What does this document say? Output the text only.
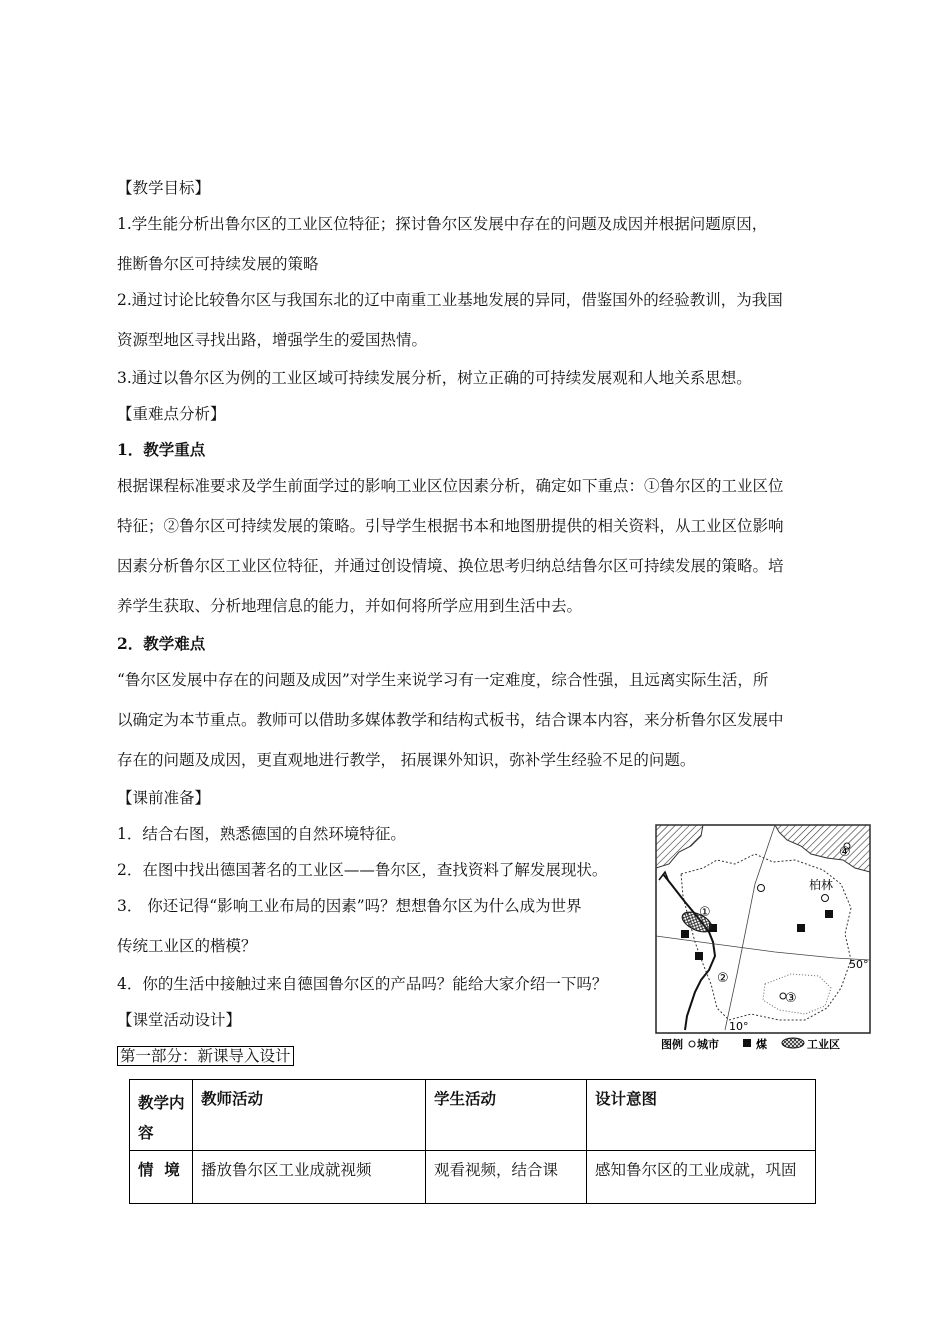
【教学目标】
1.学生能分析出鲁尔区的工业区位特征；探讨鲁尔区发展中存在的问题及成因并根据问题原因，
推断鲁尔区可持续发展的策略
2.通过讨论比较鲁尔区与我国东北的辽中南重工业基地发展的异同，借鉴国外的经验教训，为我国
资源型地区寻找出路，增强学生的爱国热情。
3.通过以鲁尔区为例的工业区域可持续发展分析，树立正确的可持续发展观和人地关系思想。
【重难点分析】
1．教学重点
根据课程标准要求及学生前面学过的影响工业区位因素分析，确定如下重点：①鲁尔区的工业区位
特征；②鲁尔区可持续发展的策略。引导学生根据书本和地图册提供的相关资料，从工业区位影响
因素分析鲁尔区工业区位特征，并通过创设情境、换位思考归纳总结鲁尔区可持续发展的策略。培
养学生获取、分析地理信息的能力，并如何将所学应用到生活中去。
2．教学难点
“鲁尔区发展中存在的问题及成因”对学生来说学习有一定难度，综合性强，且远离实际生活，所
以确定为本节重点。教师可以借助多媒体教学和结构式板书，结合课本内容，来分析鲁尔区发展中
存在的问题及成因，更直观地进行教学， 拓展课外知识，弥补学生经验不足的问题。
【课前准备】
1．结合右图，熟悉德国的自然环境特征。
2．在图中找出德国著名的工业区——鲁尔区，查找资料了解发展现状。
3． 你还记得“影响工业布局的因素”吗？想想鲁尔区为什么成为世界
传统工业区的楷模？
4．你的生活中接触过来自德国鲁尔区的产品吗？能给大家介绍一下吗？
【课堂活动设计】
第一部分：新课导入设计
柏林
①
②
③
④
50°
10°
图例 城市	煤	工业区
教学内容	教师活动	学生活动	设计意图

情  境	播放鲁尔区工业成就视频	观看视频，结合课	感知鲁尔区的工业成就，巩固
